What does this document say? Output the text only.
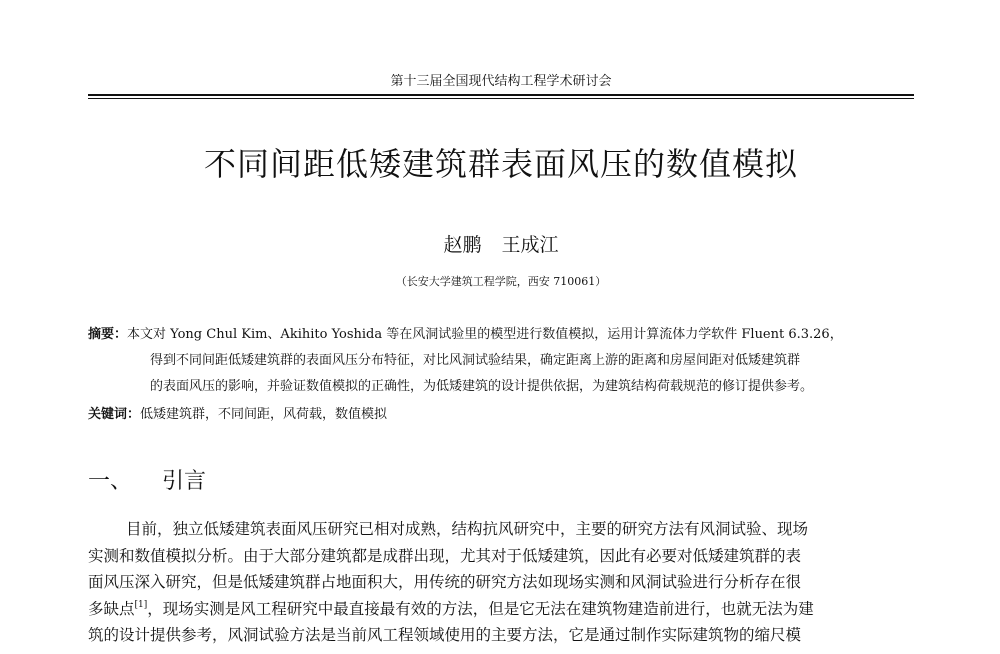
第十三届全国现代结构工程学术研讨会
不同间距低矮建筑群表面风压的数值模拟
赵鹏 王成江
（长安大学建筑工程学院，西安 710061）
摘要：本文对 Yong Chul Kim、Akihito Yoshida 等在风洞试验里的模型进行数值模拟，运用计算流体力学软件 Fluent 6.3.26，
得到不同间距低矮建筑群的表面风压分布特征，对比风洞试验结果，确定距离上游的距离和房屋间距对低矮建筑群
的表面风压的影响，并验证数值模拟的正确性，为低矮建筑的设计提供依据，为建筑结构荷载规范的修订提供参考。
关键词：低矮建筑群，不同间距，风荷载，数值模拟
一、 引言
目前，独立低矮建筑表面风压研究已相对成熟，结构抗风研究中，主要的研究方法有风洞试验、现场
实测和数值模拟分析。由于大部分建筑都是成群出现，尤其对于低矮建筑，因此有必要对低矮建筑群的表
面风压深入研究，但是低矮建筑群占地面积大，用传统的研究方法如现场实测和风洞试验进行分析存在很
多缺点[1]，现场实测是风工程研究中最直接最有效的方法，但是它无法在建筑物建造前进行，也就无法为建
筑的设计提供参考，风洞试验方法是当前风工程领域使用的主要方法，它是通过制作实际建筑物的缩尺模
